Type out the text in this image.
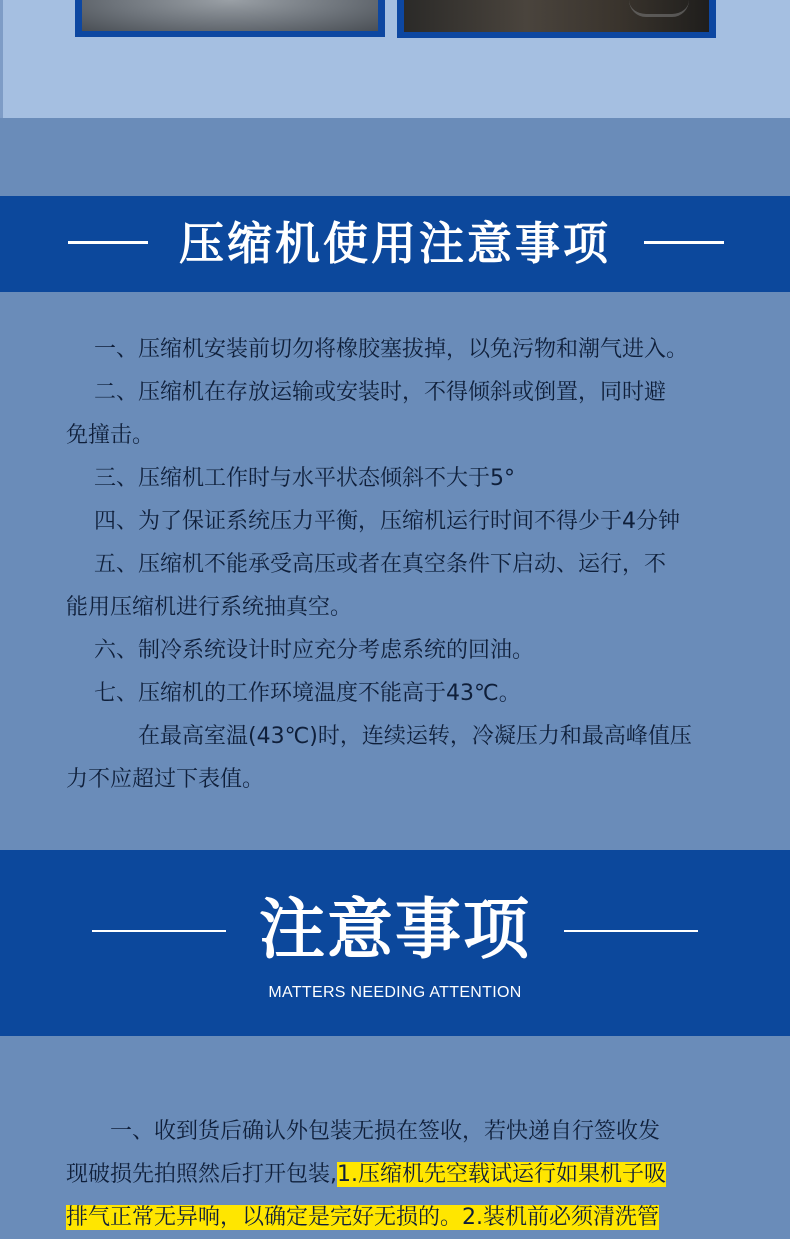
压缩机使用注意事项
一、压缩机安装前切勿将橡胶塞拔掉，以免污物和潮气进入。
二、压缩机在存放运输或安装时，不得倾斜或倒置，同时避
免撞击。
三、压缩机工作时与水平状态倾斜不大于5°
四、为了保证系统压力平衡，压缩机运行时间不得少于4分钟
五、压缩机不能承受高压或者在真空条件下启动、运行，不
能用压缩机进行系统抽真空。
六、制冷系统设计时应充分考虑系统的回油。
七、压缩机的工作环境温度不能高于43℃。
在最高室温(43℃)时，连续运转，冷凝压力和最高峰值压
力不应超过下表值。
注意事项
MATTERS NEEDING ATTENTION
一、收到货后确认外包装无损在签收，若快递自行签收发
现破损先拍照然后打开包装,1.压缩机先空载试运行如果机子吸
排气正常无异响，以确定是完好无损的。2.装机前必须清洗管
